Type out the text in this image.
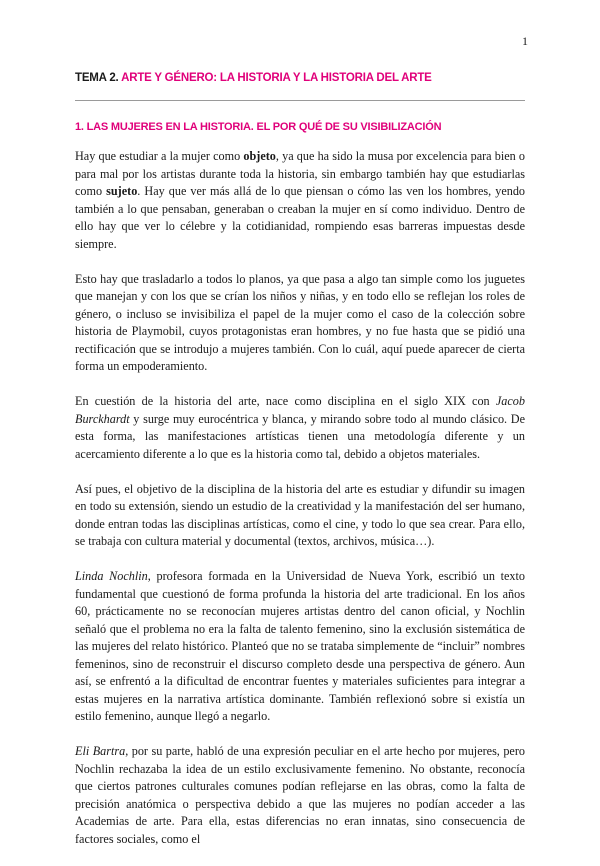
1
TEMA 2. ARTE Y GÉNERO: LA HISTORIA Y LA HISTORIA DEL ARTE
1. LAS MUJERES EN LA HISTORIA. EL POR QUÉ DE SU VISIBILIZACIÓN

Hay que estudiar a la mujer como objeto, ya que ha sido la musa por excelencia para bien o para mal por los artistas durante toda la historia, sin embargo también hay que estudiarlas como sujeto. Hay que ver más allá de lo que piensan o cómo las ven los hombres, yendo también a lo que pensaban, generaban o creaban la mujer en sí como individuo. Dentro de ello hay que ver lo célebre y la cotidianidad, rompiendo esas barreras impuestas desde siempre.

Esto hay que trasladarlo a todos lo planos, ya que pasa a algo tan simple como los juguetes que manejan y con los que se crían los niños y niñas, y en todo ello se reflejan los roles de género, o incluso se invisibiliza el papel de la mujer como el caso de la colección sobre historia de Playmobil, cuyos protagonistas eran hombres, y no fue hasta que se pidió una rectificación que se introdujo a mujeres también. Con lo cuál, aquí puede aparecer de cierta forma un empoderamiento.

En cuestión de la historia del arte, nace como disciplina en el siglo XIX con Jacob Burckhardt y surge muy eurocéntrica y blanca, y mirando sobre todo al mundo clásico. De esta forma, las manifestaciones artísticas tienen una metodología diferente y un acercamiento diferente a lo que es la historia como tal, debido a objetos materiales.

Así pues, el objetivo de la disciplina de la historia del arte es estudiar y difundir su imagen en todo su extensión, siendo un estudio de la creatividad y la manifestación del ser humano, donde entran todas las disciplinas artísticas, como el cine, y todo lo que sea crear. Para ello, se trabaja con cultura material y documental (textos, archivos, música…).

Linda Nochlin, profesora formada en la Universidad de Nueva York, escribió un texto fundamental que cuestionó de forma profunda la historia del arte tradicional. En los años 60, prácticamente no se reconocían mujeres artistas dentro del canon oficial, y Nochlin señaló que el problema no era la falta de talento femenino, sino la exclusión sistemática de las mujeres del relato histórico. Planteó que no se trataba simplemente de “incluir” nombres femeninos, sino de reconstruir el discurso completo desde una perspectiva de género. Aun así, se enfrentó a la dificultad de encontrar fuentes y materiales suficientes para integrar a estas mujeres en la narrativa artística dominante. También reflexionó sobre si existía un estilo femenino, aunque llegó a negarlo.

Eli Bartra, por su parte, habló de una expresión peculiar en el arte hecho por mujeres, pero Nochlin rechazaba la idea de un estilo exclusivamente femenino. No obstante, reconocía que ciertos patrones culturales comunes podían reflejarse en las obras, como la falta de precisión anatómica o perspectiva debido a que las mujeres no podían acceder a las Academias de arte. Para ella, estas diferencias no eran innatas, sino consecuencia de factores sociales, como el
